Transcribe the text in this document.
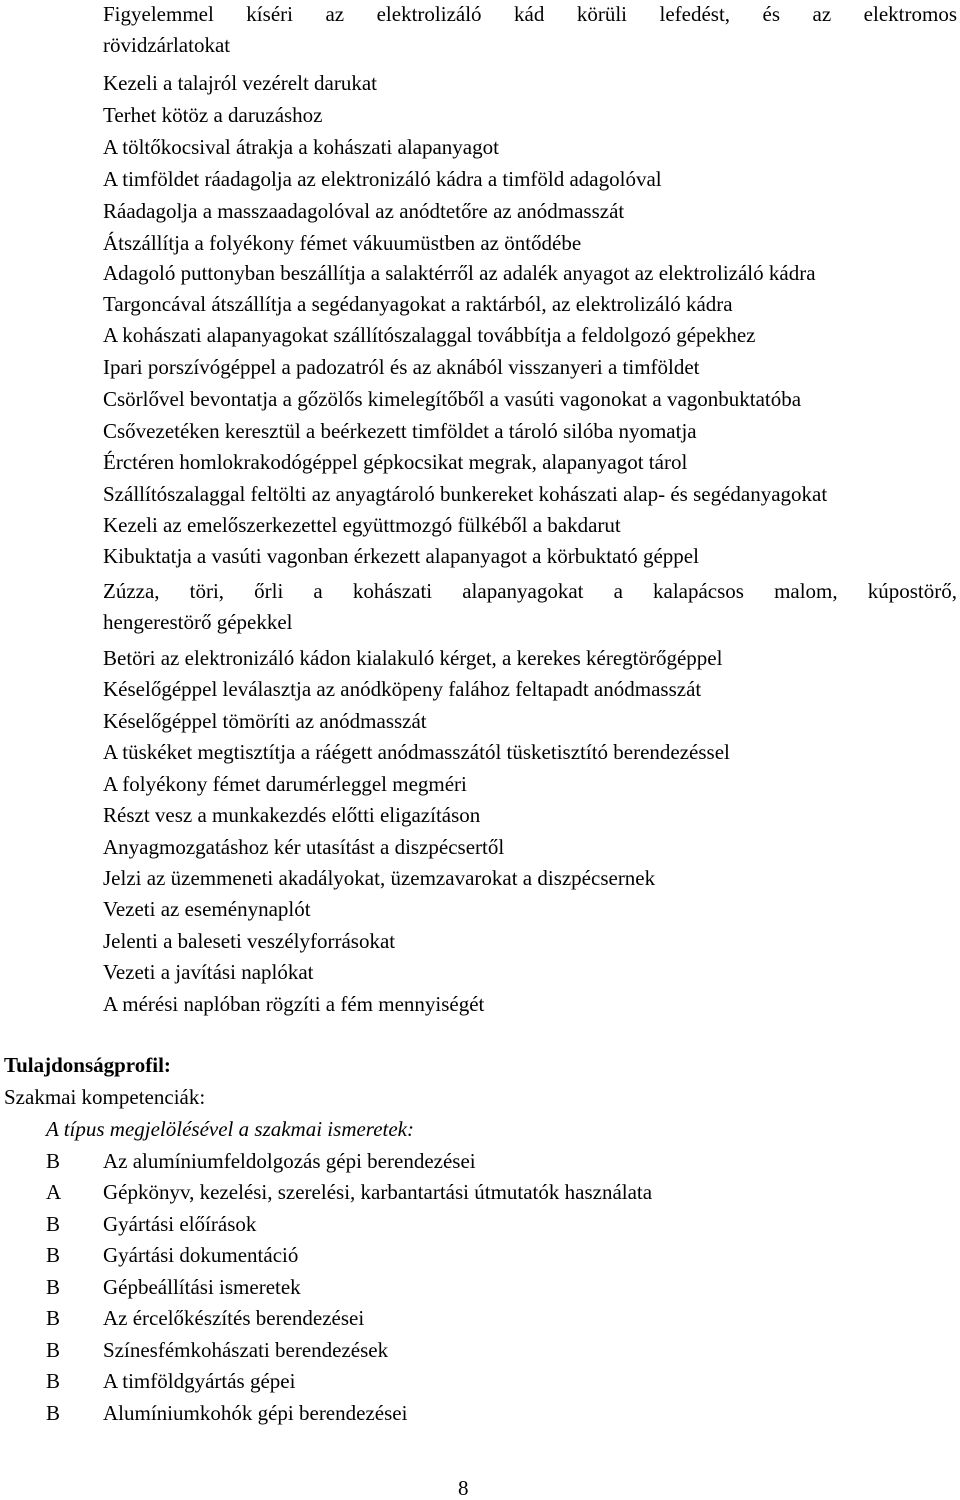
Figyelemmel kíséri az elektrolizáló kád körüli lefedést, és az elektromos
rövidzárlatokat
Kezeli a talajról vezérelt darukat
Terhet kötöz a daruzáshoz
A töltőkocsival átrakja a kohászati alapanyagot
A timföldet ráadagolja az elektronizáló kádra a timföld adagolóval
Ráadagolja a masszaadagolóval az anódtetőre az anódmasszát
Átszállítja a folyékony fémet vákuumüstben az öntődébe
Adagoló puttonyban beszállítja a salaktérről az adalék anyagot az elektrolizáló kádra
Targoncával átszállítja a segédanyagokat a raktárból, az elektrolizáló kádra
A kohászati alapanyagokat szállítószalaggal továbbítja a feldolgozó gépekhez
Ipari porszívógéppel a padozatról és az aknából visszanyeri a timföldet
Csörlővel bevontatja a gőzölős kimelegítőből a vasúti vagonokat a vagonbuktatóba
Csővezetéken keresztül a beérkezett timföldet a tároló silóba nyomatja
Érctéren homlokrakodógéppel gépkocsikat megrak, alapanyagot tárol
Szállítószalaggal feltölti az anyagtároló bunkereket kohászati alap- és segédanyagokat
Kezeli az emelőszerkezettel együttmozgó fülkéből a bakdarut
Kibuktatja a vasúti vagonban érkezett alapanyagot a körbuktató géppel
Zúzza, töri, őrli a kohászati alapanyagokat a kalapácsos malom, kúpostörő,
hengerestörő gépekkel
Betöri az elektronizáló kádon kialakuló kérget, a kerekes kéregtörőgéppel
Késelőgéppel leválasztja az anódköpeny falához feltapadt anódmasszát
Késelőgéppel tömöríti az anódmasszát
A tüskéket megtisztítja a ráégett anódmasszától tüsketisztító berendezéssel
A folyékony fémet darumérleggel megméri
Részt vesz a munkakezdés előtti eligazításon
Anyagmozgatáshoz kér utasítást a diszpécsertől
Jelzi az üzemmeneti akadályokat, üzemzavarokat a diszpécsernek
Vezeti az eseménynaplót
Jelenti a baleseti veszélyforrásokat
Vezeti a javítási naplókat
A mérési naplóban rögzíti a fém mennyiségét
Tulajdonságprofil:
Szakmai kompetenciák:
A típus megjelölésével a szakmai ismeretek:
B Az alumíniumfeldolgozás gépi berendezései
A Gépkönyv, kezelési, szerelési, karbantartási útmutatók használata
B Gyártási előírások
B Gyártási dokumentáció
B Gépbeállítási ismeretek
B Az ércelőkészítés berendezései
B Színesfémkohászati berendezések
B A timföldgyártás gépei
B Alumíniumkohók gépi berendezései
8
